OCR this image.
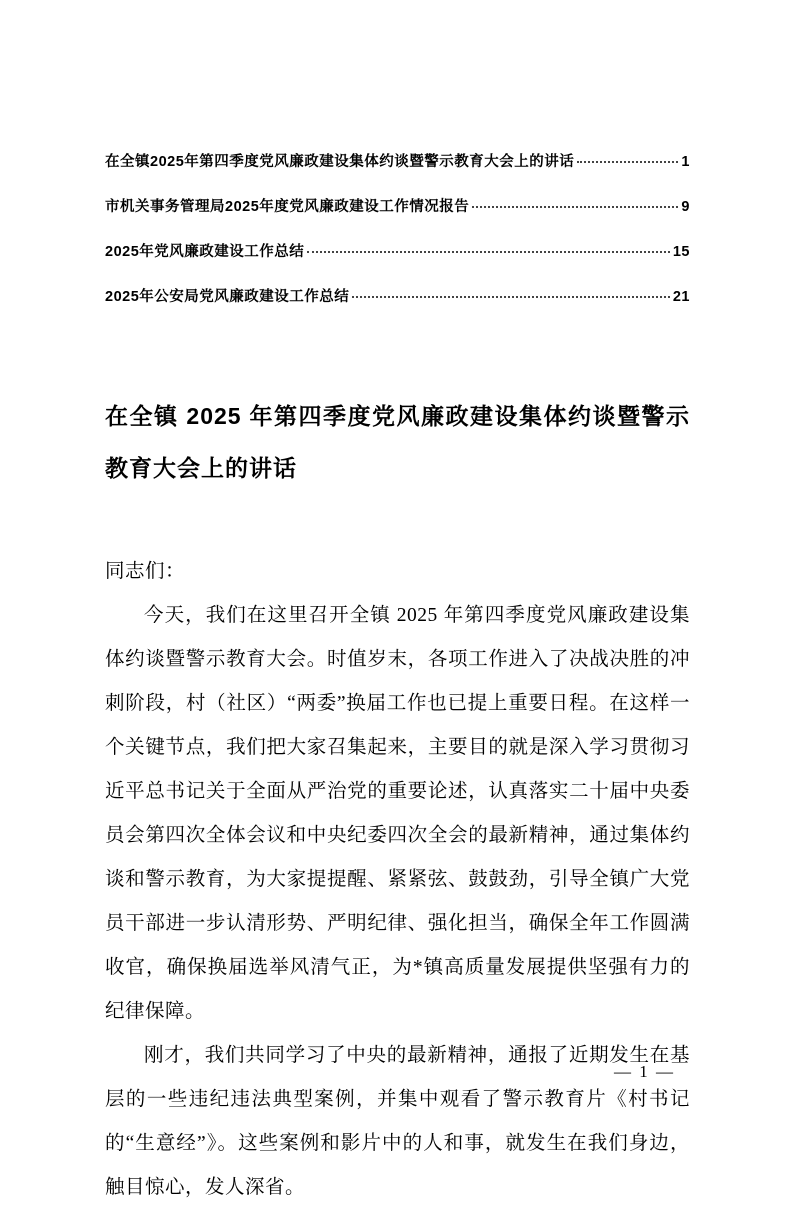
在全镇2025年第四季度党风廉政建设集体约谈暨警示教育大会上的讲话	1
市机关事务管理局2025年度党风廉政建设工作情况报告	9
2025年党风廉政建设工作总结	15
2025年公安局党风廉政建设工作总结	21
在全镇 2025 年第四季度党风廉政建设集体约谈暨警示教育大会上的讲话

同志们：

今天，我们在这里召开全镇 2025 年第四季度党风廉政建设集体约谈暨警示教育大会。时值岁末，各项工作进入了决战决胜的冲刺阶段，村（社区）“两委”换届工作也已提上重要日程。在这样一个关键节点，我们把大家召集起来，主要目的就是深入学习贯彻习近平总书记关于全面从严治党的重要论述，认真落实二十届中央委员会第四次全体会议和中央纪委四次全会的最新精神，通过集体约谈和警示教育，为大家提提醒、紧紧弦、鼓鼓劲，引导全镇广大党员干部进一步认清形势、严明纪律、强化担当，确保全年工作圆满收官，确保换届选举风清气正，为*镇高质量发展提供坚强有力的纪律保障。

刚才，我们共同学习了中央的最新精神，通报了近期发生在基层的一些违纪违法典型案例，并集中观看了警示教育片《村书记的“生意经”》。这些案例和影片中的人和事，就发生在我们身边，触目惊心，发人深省。

— 1 —
